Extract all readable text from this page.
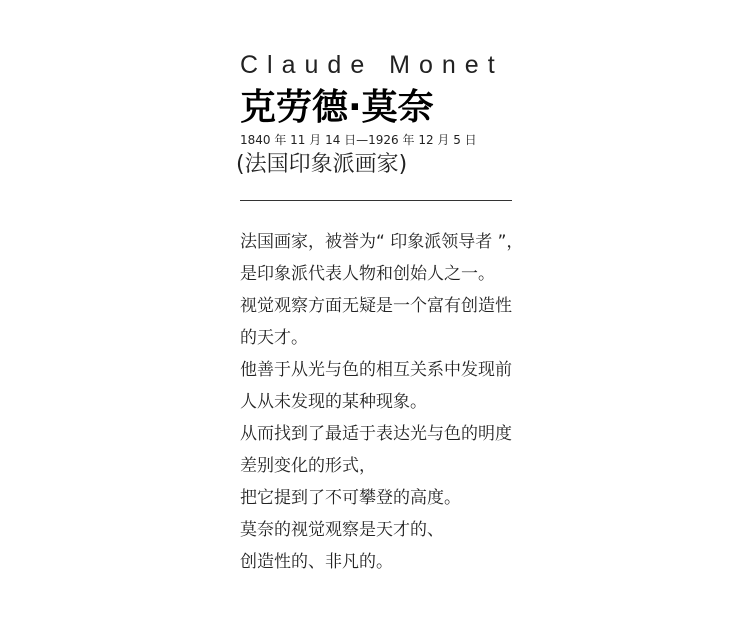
Claude Monet
克劳德·莫奈
1840 年 11 月 14 日—1926 年 12 月 5 日
(法国印象派画家)

法国画家，被誉为“ 印象派领导者 ”，

是印象派代表人物和创始人之一。

视觉观察方面无疑是一个富有创造性

的天才。

他善于从光与色的相互关系中发现前

人从未发现的某种现象。

从而找到了最适于表达光与色的明度

差别变化的形式，

把它提到了不可攀登的高度。

莫奈的视觉观察是天才的、

创造性的、非凡的。
